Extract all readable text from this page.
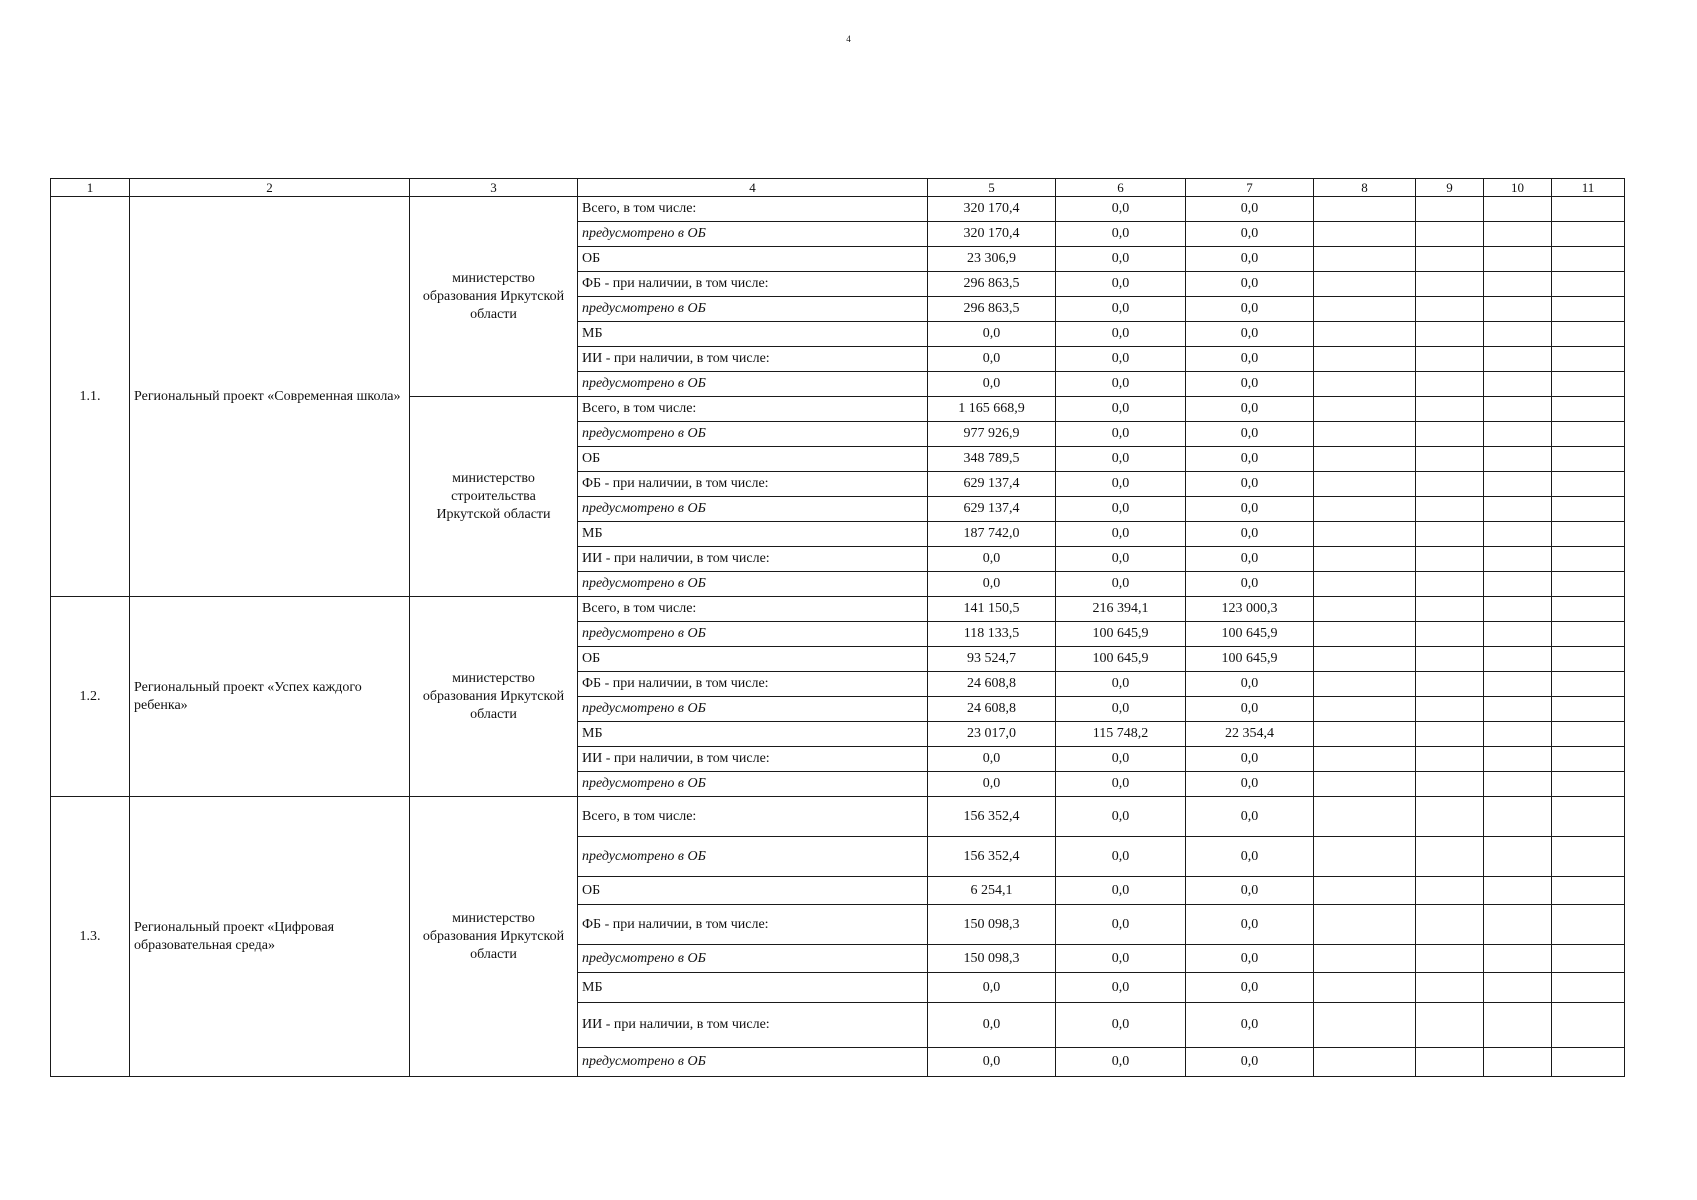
4
1	2	3	4	5	6	7	8	9	10	11
1.1.	Региональный проект «Современная школа»	министерство образования Иркутской области	Всего, в том числе:	320 170,4	0,0	0,0				
			предусмотрено в ОБ	320 170,4	0,0	0,0				
			ОБ	23 306,9	0,0	0,0				
			ФБ - при наличии, в том числе:	296 863,5	0,0	0,0				
			предусмотрено в ОБ	296 863,5	0,0	0,0				
			МБ	0,0	0,0	0,0				
			ИИ - при наличии, в том числе:	0,0	0,0	0,0				
			предусмотрено в ОБ	0,0	0,0	0,0				
		министерство строительства Иркутской области	Всего, в том числе:	1 165 668,9	0,0	0,0				
			предусмотрено в ОБ	977 926,9	0,0	0,0				
			ОБ	348 789,5	0,0	0,0				
			ФБ - при наличии, в том числе:	629 137,4	0,0	0,0				
			предусмотрено в ОБ	629 137,4	0,0	0,0				
			МБ	187 742,0	0,0	0,0				
			ИИ - при наличии, в том числе:	0,0	0,0	0,0				
			предусмотрено в ОБ	0,0	0,0	0,0				
1.2.	Региональный проект «Успех каждого ребенка»	министерство образования Иркутской области	Всего, в том числе:	141 150,5	216 394,1	123 000,3				
			предусмотрено в ОБ	118 133,5	100 645,9	100 645,9				
			ОБ	93 524,7	100 645,9	100 645,9				
			ФБ - при наличии, в том числе:	24 608,8	0,0	0,0				
			предусмотрено в ОБ	24 608,8	0,0	0,0				
			МБ	23 017,0	115 748,2	22 354,4				
			ИИ - при наличии, в том числе:	0,0	0,0	0,0				
			предусмотрено в ОБ	0,0	0,0	0,0				
1.3.	Региональный проект «Цифровая образовательная среда»	министерство образования Иркутской области	Всего, в том числе:	156 352,4	0,0	0,0				
			предусмотрено в ОБ	156 352,4	0,0	0,0				
			ОБ	6 254,1	0,0	0,0				
			ФБ - при наличии, в том числе:	150 098,3	0,0	0,0				
			предусмотрено в ОБ	150 098,3	0,0	0,0				
			МБ	0,0	0,0	0,0				
			ИИ - при наличии, в том числе:	0,0	0,0	0,0				
			предусмотрено в ОБ	0,0	0,0	0,0				
